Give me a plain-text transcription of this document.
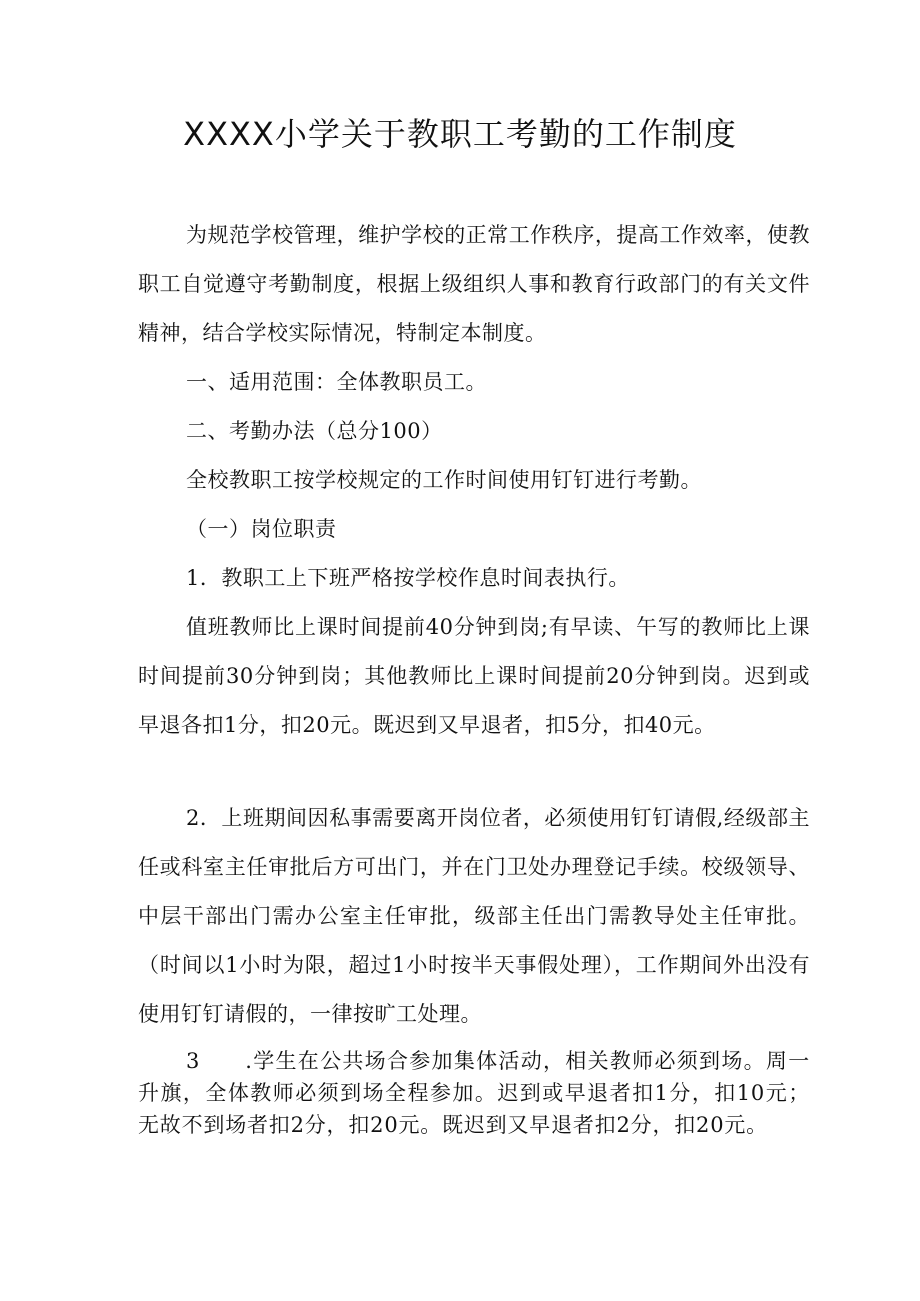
XXXX小学关于教职工考勤的工作制度

为规范学校管理，维护学校的正常工作秩序，提高工作效率，使教职工自觉遵守考勤制度，根据上级组织人事和教育行政部门的有关文件精神，结合学校实际情况，特制定本制度。

一、适用范围：全体教职员工。

二、考勤办法（总分100）

全校教职工按学校规定的工作时间使用钉钉进行考勤。

（一）岗位职责

1．教职工上下班严格按学校作息时间表执行。

值班教师比上课时间提前40分钟到岗;有早读、午写的教师比上课时间提前30分钟到岗；其他教师比上课时间提前20分钟到岗。迟到或早退各扣1分，扣20元。既迟到又早退者，扣5分，扣40元。

2．上班期间因私事需要离开岗位者，必须使用钉钉请假,经级部主任或科室主任审批后方可出门，并在门卫处办理登记手续。校级领导、中层干部出门需办公室主任审批，级部主任出门需教导处主任审批。（时间以1小时为限，超过1小时按半天事假处理），工作期间外出没有使用钉钉请假的，一律按旷工处理。

3　　.学生在公共场合参加集体活动，相关教师必须到场。周一升旗，全体教师必须到场全程参加。迟到或早退者扣1分，扣10元；无故不到场者扣2分，扣20元。既迟到又早退者扣2分，扣20元。
